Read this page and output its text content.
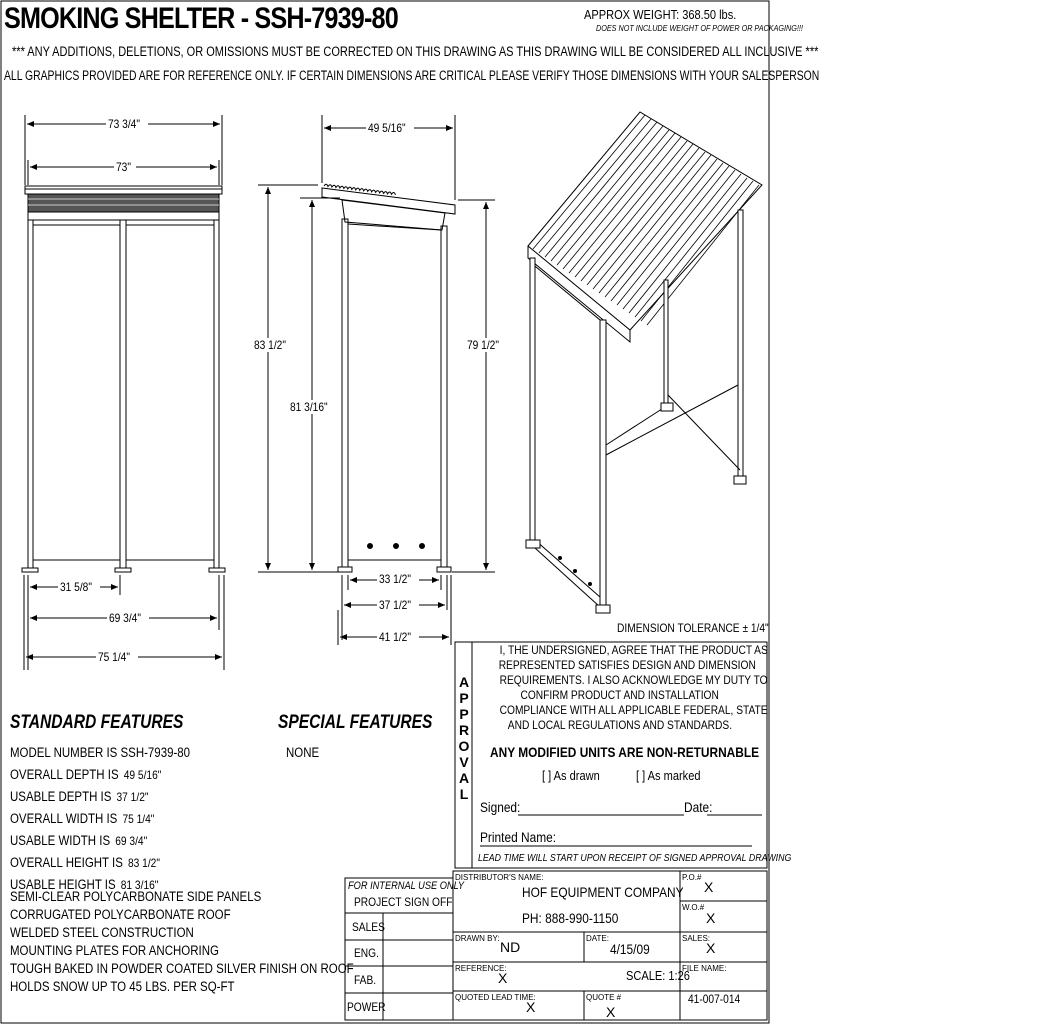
SMOKING SHELTER - SSH-7939-80	APPROX WEIGHT: 368.50 lbs.
DOES NOT INCLUDE WEIGHT OF POWER OR PACKAGING!!!
*** ANY ADDITIONS, DELETIONS, OR OMISSIONS MUST BE CORRECTED ON THIS DRAWING AS THIS DRAWING WILL BE CONSIDERED ALL INCLUSIVE ***
ALL GRAPHICS PROVIDED ARE FOR REFERENCE ONLY. IF CERTAIN DIMENSIONS ARE CRITICAL PLEASE VERIFY THOSE DIMENSIONS WITH YOUR SALESPERSON
73 3/4"
73"
31 5/8"
69 3/4"
75 1/4"
49 5/16"
83 1/2"
81 3/16"
79 1/2"
33 1/2"
37 1/2"
41 1/2"
DIMENSION TOLERANCE ± 1/4"
STANDARD FEATURES
MODEL NUMBER IS SSH-7939-80
OVERALL DEPTH IS 49 5/16"
USABLE DEPTH IS 37 1/2"
OVERALL WIDTH IS 75 1/4"
USABLE WIDTH IS 69 3/4"
OVERALL HEIGHT IS 83 1/2"
USABLE HEIGHT IS 81 3/16"
SEMI-CLEAR POLYCARBONATE SIDE PANELS
CORRUGATED POLYCARBONATE ROOF
WELDED STEEL CONSTRUCTION
MOUNTING PLATES FOR ANCHORING
TOUGH BAKED IN POWDER COATED SILVER FINISH ON ROOF
HOLDS SNOW UP TO 45 LBS. PER SQ-FT
SPECIAL FEATURES
NONE
APPROVAL
I, THE UNDERSIGNED, AGREE THAT THE PRODUCT AS
REPRESENTED SATISFIES DESIGN AND DIMENSION
REQUIREMENTS. I ALSO ACKNOWLEDGE MY DUTY TO
CONFIRM PRODUCT AND INSTALLATION
COMPLIANCE WITH ALL APPLICABLE FEDERAL, STATE
AND LOCAL REGULATIONS AND STANDARDS.
ANY MODIFIED UNITS ARE NON-RETURNABLE
[ ] As drawn	[ ] As marked
Signed:	Date:
Printed Name:
LEAD TIME WILL START UPON RECEIPT OF SIGNED APPROVAL DRAWING
FOR INTERNAL USE ONLY
PROJECT SIGN OFF
SALES
ENG.
FAB.
POWER
DISTRIBUTOR'S NAME:
HOF EQUIPMENT COMPANY
PH: 888-990-1150
P.O.#
X
W.O.#
X
DRAWN BY:
ND
DATE:
4/15/09
SALES:
X
REFERENCE:
X	SCALE: 1:26
FILE NAME:
41-007-014
QUOTED LEAD TIME:
X
QUOTE #
X
